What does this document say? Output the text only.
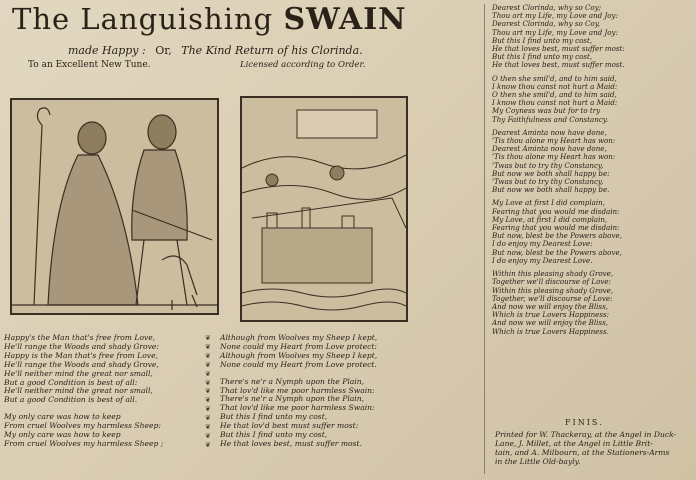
The Languishing SWAIN
made Happy : Or, The Kind Return of his Clorinda.
To an Excellent New Tune.	Licensed according to Order.
Happy's the Man that's free from Love,
He'll range the Woods and shady Grove:
Happy is the Man that's free from Love,
He'll range the Woods and shady Grove,
He'll neither mind the great nor small,
But a good Condition is best of all:
He'll neither mind the great nor small,
But a good Condition is best of all.
My only care was how to keep
From cruel Woolves my harmless Sheep:
My only care was how to keep
From cruel Woolves my harmless Sheep ;
❦
❦
❦
❦
❦
❦
❦
❦
❦
❦
❦
❦
❦
Although from Woolves my Sheep I kept,
None could my Heart from Love protect:
Although from Woolves my Sheep I kept,
None could my Heart from Love protect.
There's ne'r a Nymph upon the Plain,
That lov'd like me poor harmless Swain:
There's ne'r a Nymph upon the Plain,
That lov'd like me poor harmless Swain:
But this I find unto my cost,
He that lov'd best must suffer most:
But this I find unto my cost,
He that loves best, must suffer most.
Dearest Clorinda, why so Coy;
Thou art my Life, my Love and Joy:
Dearest Clorinda, why so Coy,
Thou art my Life, my Love and Joy:
But this I find unto my cost,
He that loves best, must suffer most:
But this I find unto my cost,
He that loves best, must suffer most.
O then she smil'd, and to him said,
I know thou canst not hurt a Maid:
O then she smil'd, and to him said,
I know thou canst not hurt a Maid:
My Coyness was but for to try
Thy Faithfulness and Constancy.
Dearest Aminta now have done,
'Tis thou alone my Heart has won:
Dearest Aminta now have done,
'Tis thou alone my Heart has won:
'Twas but to try thy Constancy,
But now we both shall happy be:
'Twas but to try thy Constancy,
But now we both shall happy be.
My Love at first I did complain,
Fearing that you would me disdain:
My Love, at first I did complain,
Fearing that you would me disdain:
But now, blest be the Powers above,
I do enjoy my Dearest Love:
But now, blest be the Powers above,
I do enjoy my Dearest Love.
Within this pleasing shady Grove,
Together we'll discourse of Love:
Within this pleasing shady Grove,
Together, we'll discourse of Love:
And now we will enjoy the Bliss,
Which is true Lovers Happiness:
And now we will enjoy the Bliss,
Which is true Lovers Happiness.
FINIS.
Printed for W. Thackeray, at the Angel in Duck-
Lane, J. Millet, at the Angel in Little Brit-
tain, and A. Milbourn, at the Stationers-Arms
in the Little Old-bayly.
